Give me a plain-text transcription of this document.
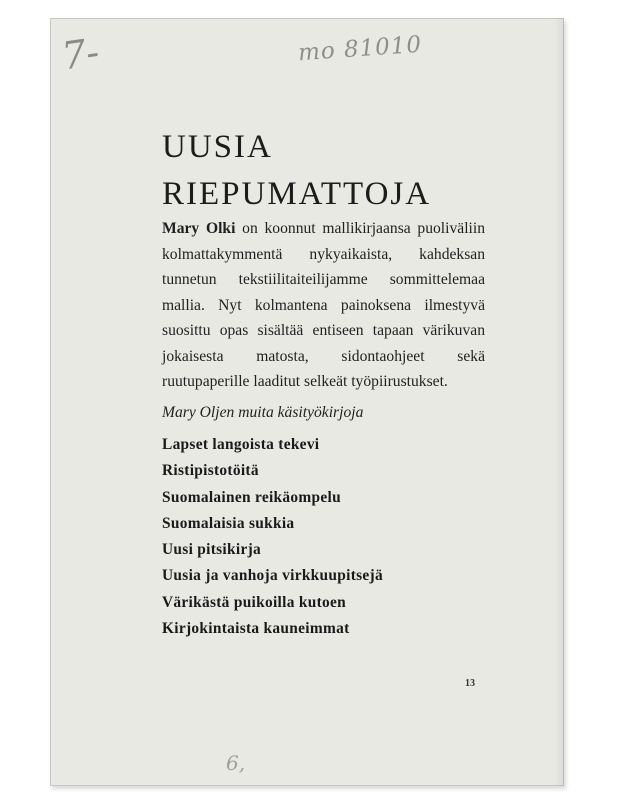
7-	mo 81010
UUSIA
RIEPUMATTOJA

Mary Olki on koonnut mallikirjaansa puoliväliin kolmattakymmentä nykyaikaista, kahdeksan tunnetun tekstiilitaiteilijamme sommittelemaa mallia. Nyt kolmantena painoksena ilmestyvä suosittu opas sisältää entiseen tapaan värikuvan jokaisesta matosta, sidontaohjeet sekä ruutupaperille laaditut selkeät työpiirustukset.

Mary Oljen muita käsityökirjoja

Lapset langoista tekevi
Ristipistotöitä
Suomalainen reikäompelu
Suomalaisia sukkia
Uusi pitsikirja
Uusia ja vanhoja virkkuupitsejä
Värikästä puikoilla kutoen
Kirjokintaista kauneimmat
13
6,
